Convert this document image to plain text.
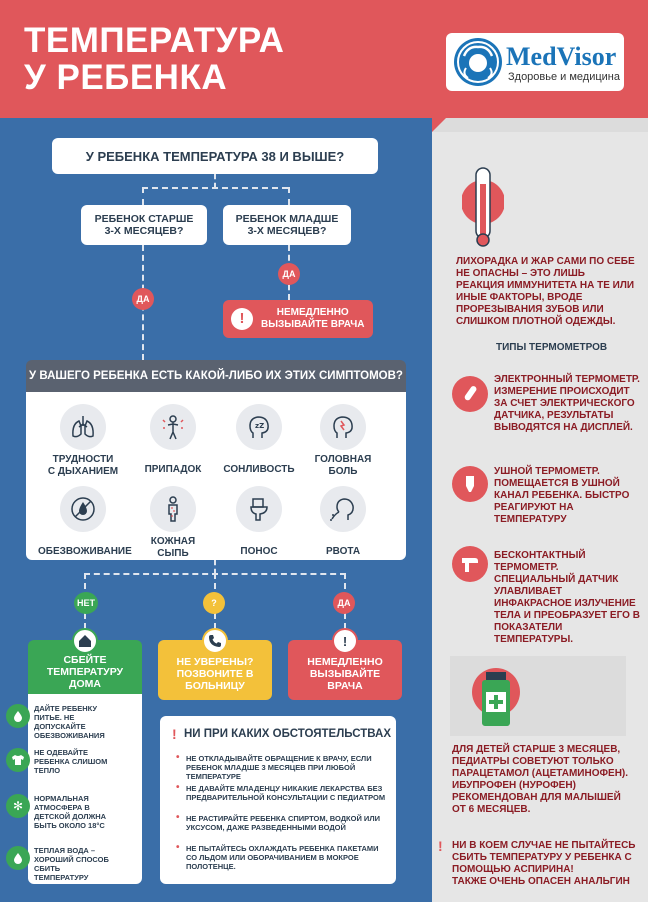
ТЕМПЕРАТУРА
У РЕБЕНКА
MedVisor
Здоровье и медицина
У РЕБЕНКА ТЕМПЕРАТУРА 38 И ВЫШЕ?
РЕБЕНОК СТАРШЕ
3-Х МЕСЯЦЕВ?
РЕБЕНОК МЛАДШЕ
3-Х МЕСЯЦЕВ?
ДА
ДА
!	НЕМЕДЛЕННО
ВЫЗЫВАЙТЕ ВРАЧА
У ВАШЕГО РЕБЕНКА ЕСТЬ КАКОЙ-ЛИБО ИХ ЭТИХ СИМПТОМОВ?
ТРУДНОСТИ
С ДЫХАНИЕМ	ПРИПАДОК
zZ
СОНЛИВОСТЬ
ГОЛОВНАЯ
БОЛЬ
ОБЕЗВОЖИВАНИЕ
КОЖНАЯ
СЫПЬ	ПОНОС	РВОТА
НЕТ	?	ДА
СБЕЙТЕ
ТЕМПЕРАТУРУ
ДОМА
НЕ УВЕРЕНЫ?
ПОЗВОНИТЕ В
БОЛЬНИЦУ
НЕМЕДЛЕННО
ВЫЗЫВАЙТЕ
ВРАЧА
!
ДАЙТЕ РЕБЕНКУ ПИТЬЕ. НЕ ДОПУСКАЙТЕ ОБЕЗВОЖИВАНИЯ
НЕ ОДЕВАЙТЕ РЕБЕНКА СЛИШОМ ТЕПЛО
✻
НОРМАЛЬНАЯ АТМОСФЕРА В ДЕТСКОЙ ДОЛЖНА БЫТЬ ОКОЛО 18°С
ТЕПЛАЯ ВОДА – ХОРОШИЙ СПОСОБ СБИТЬ ТЕМПЕРАТУРУ
! НИ ПРИ КАКИХ ОБСТОЯТЕЛЬСТВАХ
• НЕ ОТКЛАДЫВАЙТЕ ОБРАЩЕНИЕ К ВРАЧУ, ЕСЛИ РЕБЕНОК МЛАДШЕ 3 МЕСЯЦЕВ ПРИ ЛЮБОЙ ТЕМПЕРАТУРЕ
• НЕ ДАВАЙТЕ МЛАДЕНЦУ НИКАКИЕ ЛЕКАРСТВА БЕЗ ПРЕДВАРИТЕЛЬНОЙ КОНСУЛЬТАЦИИ С ПЕДИАТРОМ
• НЕ РАСТИРАЙТЕ РЕБЕНКА СПИРТОМ, ВОДКОЙ ИЛИ УКСУСОМ, ДАЖЕ РАЗВЕДЕННЫМИ ВОДОЙ
• НЕ ПЫТАЙТЕСЬ ОХЛАЖДАТЬ РЕБЕНКА ПАКЕТАМИ СО ЛЬДОМ ИЛИ ОБОРАЧИВАНИЕМ В МОКРОЕ ПОЛОТЕНЦЕ.
ЛИХОРАДКА И ЖАР САМИ ПО СЕБЕ НЕ ОПАСНЫ – ЭТО ЛИШЬ РЕАКЦИЯ ИММУНИТЕТА НА ТЕ ИЛИ ИНЫЕ ФАКТОРЫ, ВРОДЕ ПРОРЕЗЫВАНИЯ ЗУБОВ ИЛИ СЛИШКОМ ПЛОТНОЙ ОДЕЖДЫ.
ТИПЫ ТЕРМОМЕТРОВ
ЭЛЕКТРОННЫЙ ТЕРМОМЕТР. ИЗМЕРЕНИЕ ПРОИСХОДИТ ЗА СЧЕТ ЭЛЕКТРИЧЕСКОГО ДАТЧИКА, РЕЗУЛЬТАТЫ ВЫВОДЯТСЯ НА ДИСПЛЕЙ.
УШНОЙ ТЕРМОМЕТР. ПОМЕЩАЕТСЯ В УШНОЙ КАНАЛ РЕБЕНКА. БЫСТРО РЕАГИРУЮТ НА ТЕМПЕРАТУРУ
БЕСКОНТАКТНЫЙ ТЕРМОМЕТР. СПЕЦИАЛЬНЫЙ ДАТЧИК УЛАВЛИВАЕТ ИНФАКРАСНОЕ ИЗЛУЧЕНИЕ ТЕЛА И ПРЕОБРАЗУЕТ ЕГО В ПОКАЗАТЕЛИ ТЕМПЕРАТУРЫ.
ДЛЯ ДЕТЕЙ СТАРШЕ 3 МЕСЯЦЕВ, ПЕДИАТРЫ СОВЕТУЮТ ТОЛЬКО ПАРАЦЕТАМОЛ (АЦЕТАМИНОФЕН). ИБУПРОФЕН (НУРОФЕН) РЕКОМЕНДОВАН ДЛЯ МАЛЫШЕЙ ОТ 6 МЕСЯЦЕВ.
! НИ В КОЕМ СЛУЧАЕ НЕ ПЫТАЙТЕСЬ СБИТЬ ТЕМПЕРАТУРУ У РЕБЕНКА С ПОМОЩЬЮ АСПИРИНА!
ТАКЖЕ ОЧЕНЬ ОПАСЕН АНАЛЬГИН
